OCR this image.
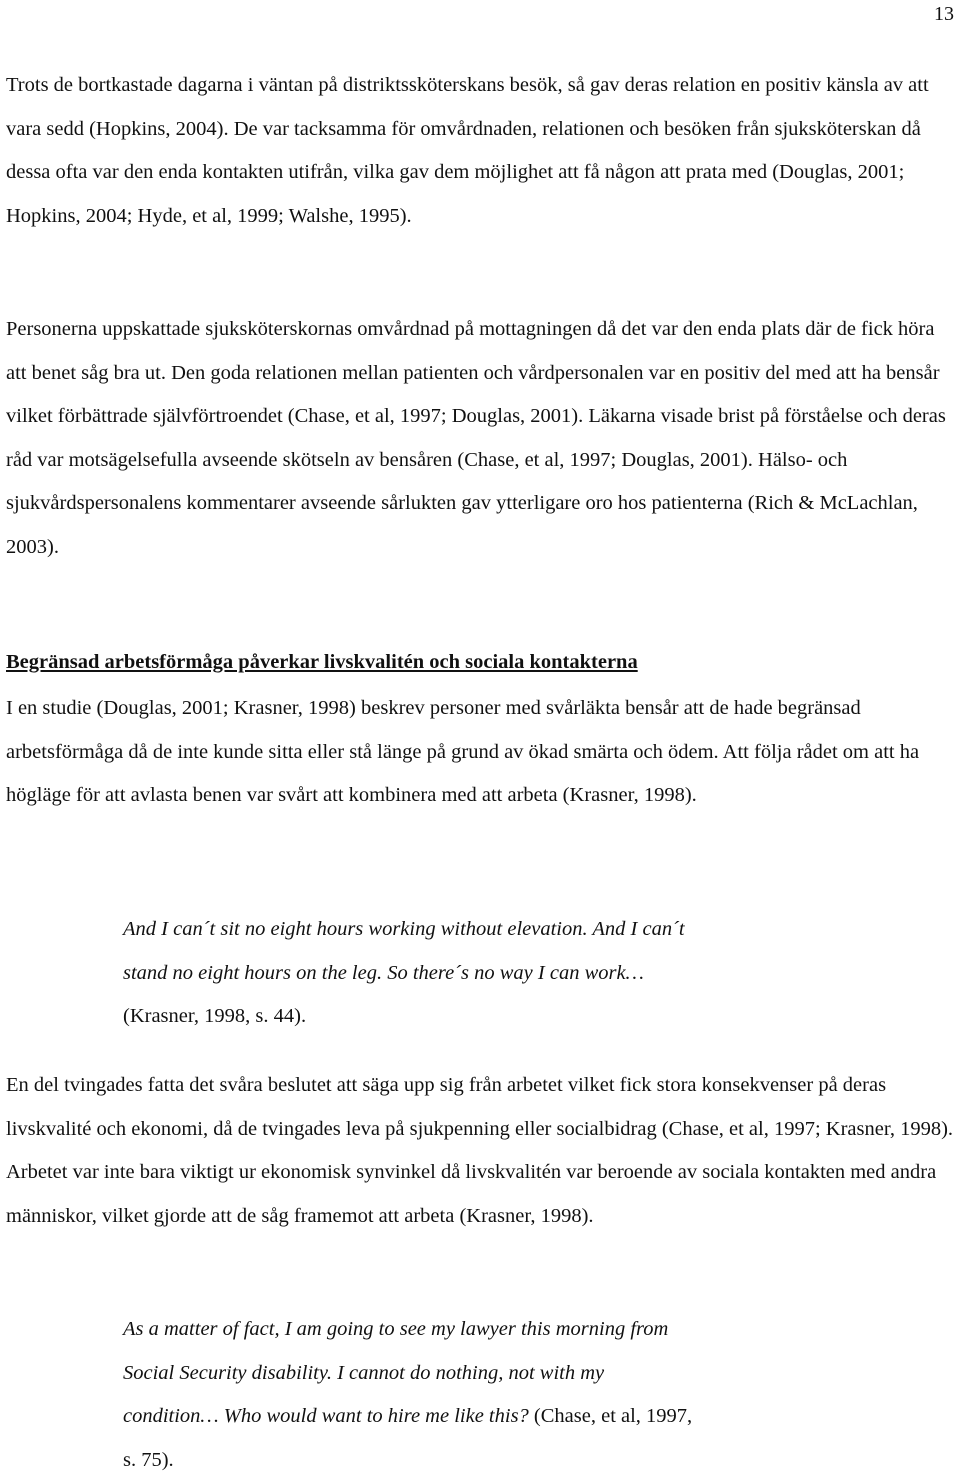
13

Trots de bortkastade dagarna i väntan på distriktssköterskans besök, så gav deras relation en positiv känsla av att vara sedd (Hopkins, 2004). De var tacksamma för omvårdnaden, relationen och besöken från sjuksköterskan då dessa ofta var den enda kontakten utifrån, vilka gav dem möjlighet att få någon att prata med (Douglas, 2001; Hopkins, 2004; Hyde, et al, 1999; Walshe, 1995).

Personerna uppskattade sjuksköterskornas omvårdnad på mottagningen då det var den enda plats där de fick höra att benet såg bra ut. Den goda relationen mellan patienten och vårdpersonalen var en positiv del med att ha bensår vilket förbättrade självförtroendet (Chase, et al, 1997; Douglas, 2001). Läkarna visade brist på förståelse och deras råd var motsägelsefulla avseende skötseln av bensåren (Chase, et al, 1997; Douglas, 2001). Hälso- och sjukvårdspersonalens kommentarer avseende sårlukten gav ytterligare oro hos patienterna (Rich & McLachlan, 2003).

Begränsad arbetsförmåga påverkar livskvalitén och sociala kontakterna

I en studie (Douglas, 2001; Krasner, 1998) beskrev personer med svårläkta bensår att de hade begränsad arbetsförmåga då de inte kunde sitta eller stå länge på grund av ökad smärta och ödem. Att följa rådet om att ha högläge för att avlasta benen var svårt att kombinera med att arbeta (Krasner, 1998).

And I can´t sit no eight hours working without elevation. And I can´t
stand no eight hours on the leg. So there´s no way I can work…
(Krasner, 1998, s. 44).

En del tvingades fatta det svåra beslutet att säga upp sig från arbetet vilket fick stora konsekvenser på deras livskvalité och ekonomi, då de tvingades leva på sjukpenning eller socialbidrag (Chase, et al, 1997; Krasner, 1998). Arbetet var inte bara viktigt ur ekonomisk synvinkel då livskvalitén var beroende av sociala kontakten med andra människor, vilket gjorde att de såg framemot att arbeta (Krasner, 1998).

As a matter of fact, I am going to see my lawyer this morning from
Social Security disability. I cannot do nothing, not with my
condition… Who would want to hire me like this? (Chase, et al, 1997,
s. 75).
